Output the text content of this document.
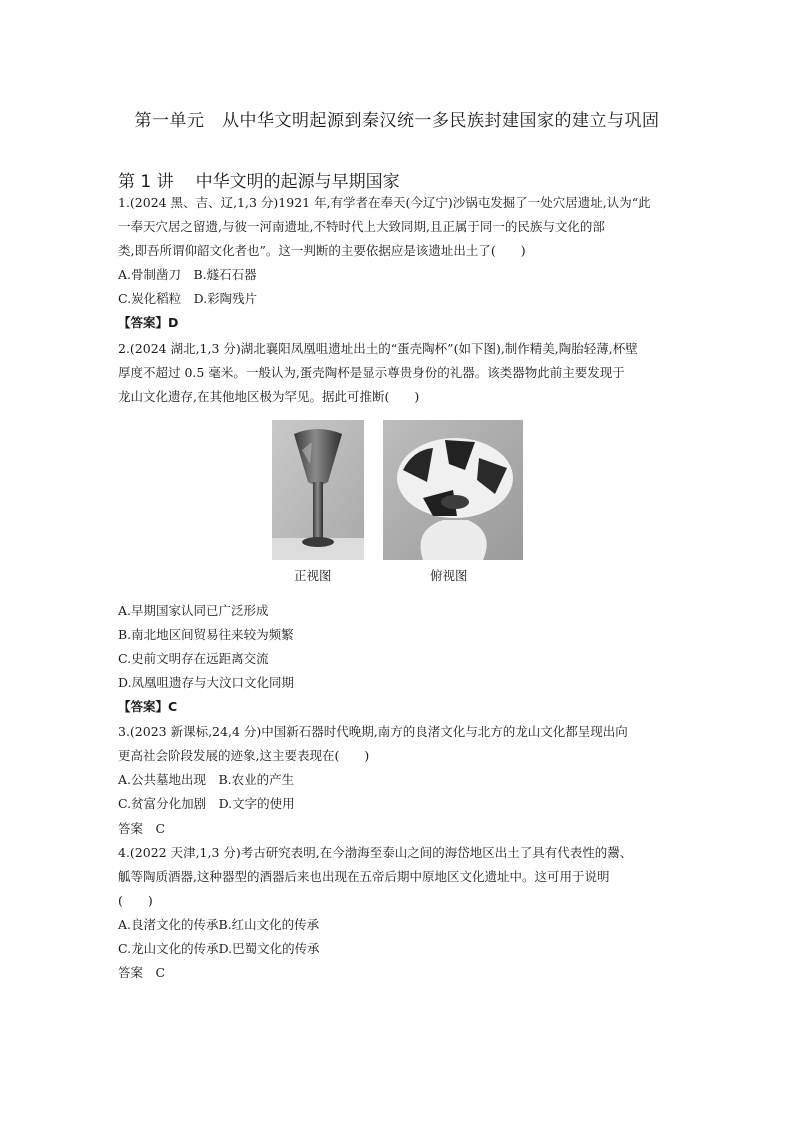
第一单元　从中华文明起源到秦汉统一多民族封建国家的建立与巩固
第 1 讲 中华文明的起源与早期国家
1.(2024 黑、吉、辽,1,3 分)1921 年,有学者在奉天(今辽宁)沙锅屯发掘了一处穴居遗址,认为“此
一奉天穴居之留遗,与彼一河南遗址,不特时代上大致同期,且正属于同一的民族与文化的部
类,即吾所谓仰韶文化者也”。这一判断的主要依据应是该遗址出土了(　　)
A.骨制凿刀　B.燧石石器
C.炭化稻粒　D.彩陶残片
【答案】D
2.(2024 湖北,1,3 分)湖北襄阳凤凰咀遗址出土的“蛋壳陶杯”(如下图),制作精美,陶胎轻薄,杯壁
厚度不超过 0.5 毫米。一般认为,蛋壳陶杯是显示尊贵身份的礼器。该类器物此前主要发现于
龙山文化遗存,在其他地区极为罕见。据此可推断(　　)
正视图	俯视图
A.早期国家认同已广泛形成
B.南北地区间贸易往来较为频繁
C.史前文明存在远距离交流
D.凤凰咀遗存与大汶口文化同期
【答案】C
3.(2023 新课标,24,4 分)中国新石器时代晚期,南方的良渚文化与北方的龙山文化都呈现出向
更高社会阶段发展的迹象,这主要表现在(　　)
A.公共墓地出现　B.农业的产生
C.贫富分化加剧　D.文字的使用
答案　C
4.(2022 天津,1,3 分)考古研究表明,在今渤海至泰山之间的海岱地区出土了具有代表性的鬶、
觚等陶质酒器,这种器型的酒器后来也出现在五帝后期中原地区文化遗址中。这可用于说明
(　　)
A.良渚文化的传承B.红山文化的传承
C.龙山文化的传承D.巴蜀文化的传承
答案　C
